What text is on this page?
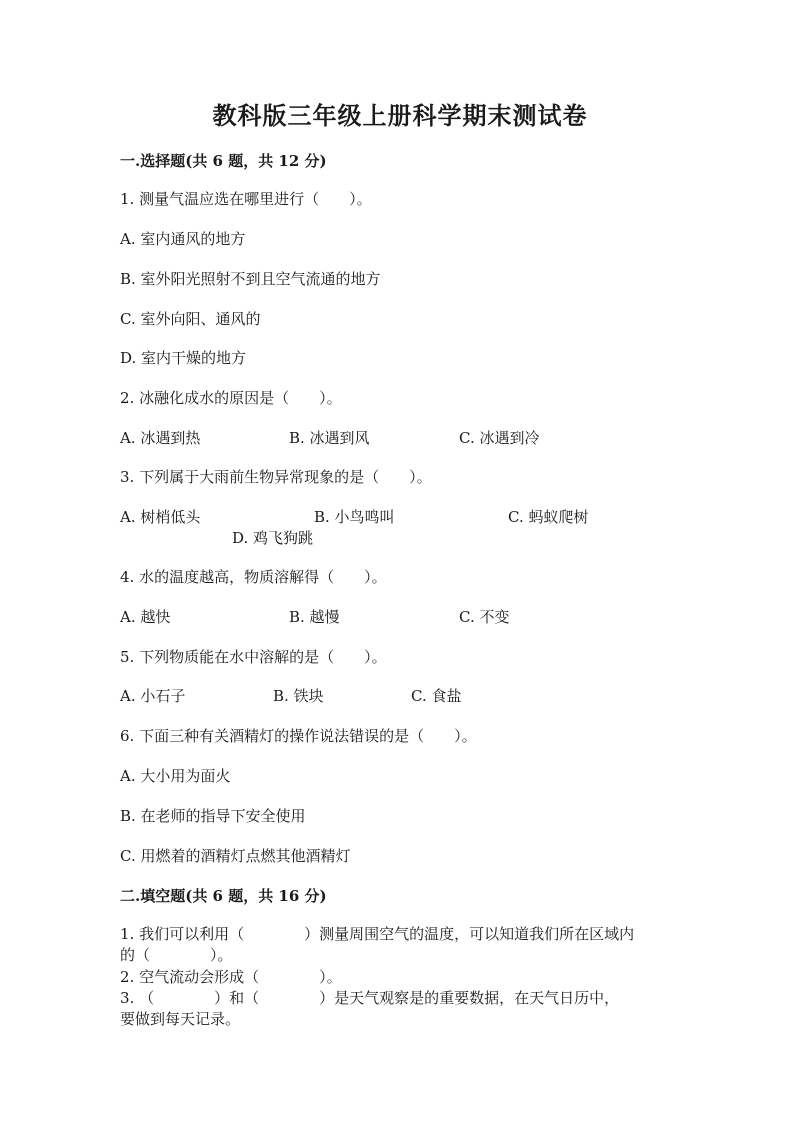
教科版三年级上册科学期末测试卷
一.选择题(共 6 题，共 12 分)
1. 测量气温应选在哪里进行（　　）。
A. 室内通风的地方
B. 室外阳光照射不到且空气流通的地方
C. 室外向阳、通风的
D. 室内干燥的地方
2. 冰融化成水的原因是（　　）。
A. 冰遇到热	B. 冰遇到风	C. 冰遇到冷
3. 下列属于大雨前生物异常现象的是（　　）。
A. 树梢低头	B. 小鸟鸣叫	C. 蚂蚁爬树
D. 鸡飞狗跳
4. 水的温度越高，物质溶解得（　　）。
A. 越快	B. 越慢	C. 不变
5. 下列物质能在水中溶解的是（　　）。
A. 小石子	B. 铁块	C. 食盐
6. 下面三种有关酒精灯的操作说法错误的是（　　）。
A. 大小用为面火
B. 在老师的指导下安全使用
C. 用燃着的酒精灯点燃其他酒精灯
二.填空题(共 6 题，共 16 分)
1. 我们可以利用（　　　　）测量周围空气的温度，可以知道我们所在区域内
的（　　　　）。
2. 空气流动会形成（　　　　）。
3. （　　　　）和（　　　　）是天气观察是的重要数据，在天气日历中，
要做到每天记录。
